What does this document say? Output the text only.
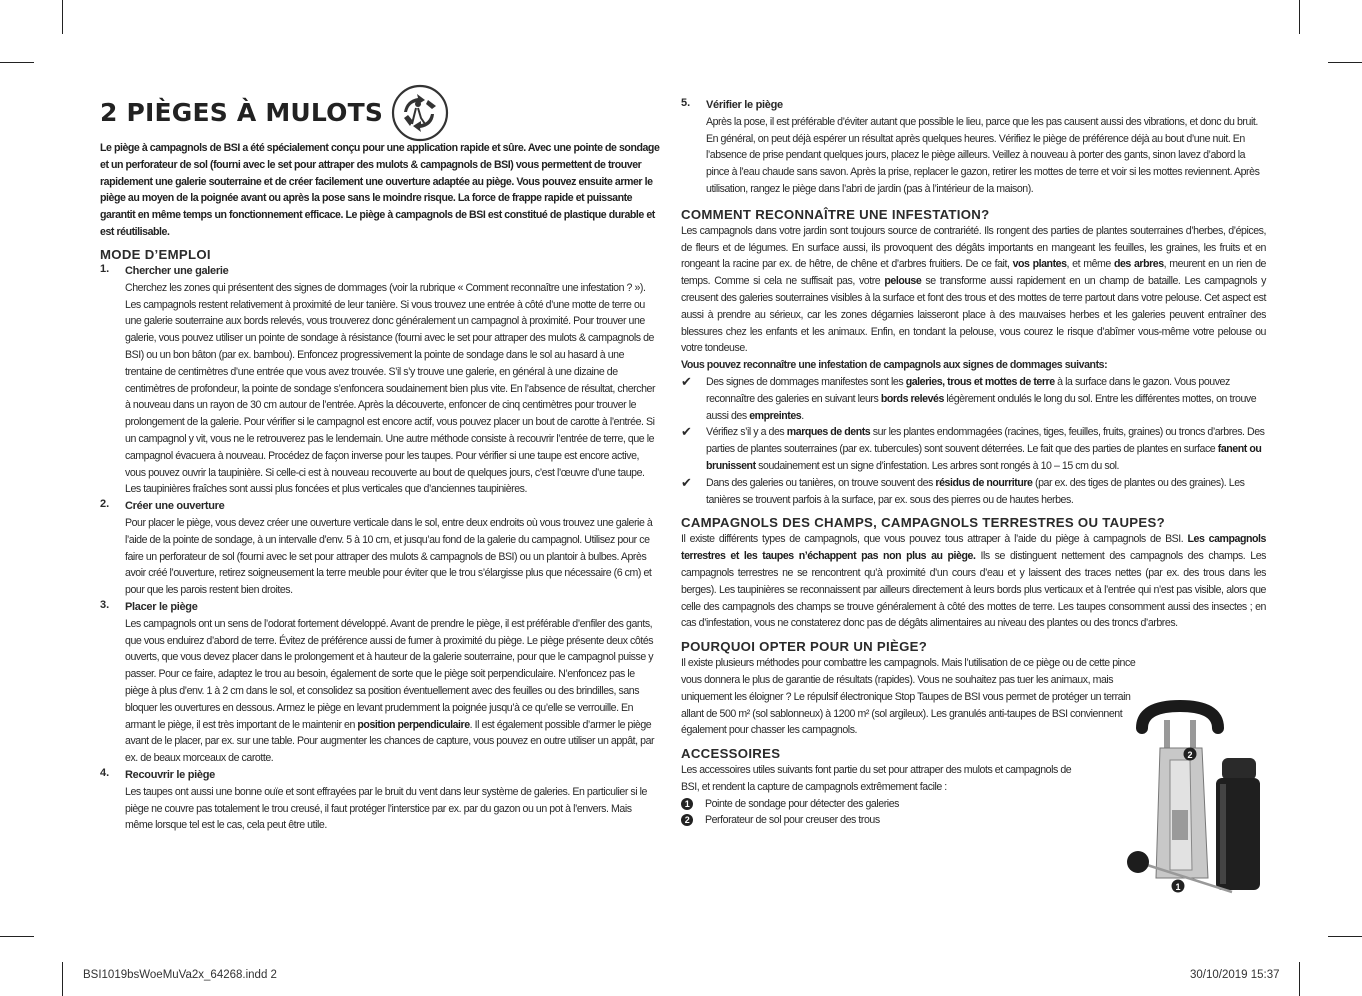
2 PIÈGES À MULOTS
Le piège à campagnols de BSI a été spécialement conçu pour une application rapide et sûre. Avec une pointe de sondage et un perforateur de sol (fourni avec le set pour attraper des mulots & campagnols de BSI) vous permettent de trouver rapidement une galerie souterraine et de créer facilement une ouverture adaptée au piège. Vous pouvez ensuite armer le piège au moyen de la poignée avant ou après la pose sans le moindre risque. La force de frappe rapide et puissante garantit en même temps un fonctionnement efficace. Le piège à campagnols de BSI est constitué de plastique durable et est réutilisable.
MODE D’EMPLOI
1. Chercher une galerie
Cherchez les zones qui présentent des signes de dommages (voir la rubrique « Comment reconnaître une infestation ? »). Les campagnols restent relativement à proximité de leur tanière. Si vous trouvez une entrée à côté d’une motte de terre ou une galerie souterraine aux bords relevés, vous trouverez donc généralement un campagnol à proximité. Pour trouver une galerie, vous pouvez utiliser un pointe de sondage à résistance (fourni avec le set pour attraper des mulots & campagnols de BSI) ou un bon bâton (par ex. bambou). Enfoncez progressivement la pointe de sondage dans le sol au hasard à une trentaine de centimètres d’une entrée que vous avez trouvée. S’il s’y trouve une galerie, en général à une dizaine de centimètres de profondeur, la pointe de sondage s’enfoncera soudainement bien plus vite. En l’absence de résultat, chercher à nouveau dans un rayon de 30 cm autour de l’entrée. Après la découverte, enfoncer de cinq centimètres pour trouver le prolongement de la galerie. Pour vérifier si le campagnol est encore actif, vous pouvez placer un bout de carotte à l’entrée. Si un campagnol y vit, vous ne le retrouverez pas le lendemain. Une autre méthode consiste à recouvrir l’entrée de terre, que le campagnol évacuera à nouveau. Procédez de façon inverse pour les taupes. Pour vérifier si une taupe est encore active, vous pouvez ouvrir la taupinière. Si celle-ci est à nouveau recouverte au bout de quelques jours, c’est l’œuvre d’une taupe. Les taupinières fraîches sont aussi plus foncées et plus verticales que d’anciennes taupinières.
2. Créer une ouverture
Pour placer le piège, vous devez créer une ouverture verticale dans le sol, entre deux endroits où vous trouvez une galerie à l’aide de la pointe de sondage, à un intervalle d’env. 5 à 10 cm, et jusqu’au fond de la galerie du campagnol. Utilisez pour ce faire un perforateur de sol (fourni avec le set pour attraper des mulots & campagnols de BSI) ou un plantoir à bulbes. Après avoir créé l’ouverture, retirez soigneusement la terre meuble pour éviter que le trou s’élargisse plus que nécessaire (6 cm) et pour que les parois restent bien droites.
3. Placer le piège
Les campagnols ont un sens de l’odorat fortement développé. Avant de prendre le piège, il est préférable d’enfiler des gants, que vous enduirez d’abord de terre. Évitez de préférence aussi de fumer à proximité du piège. Le piège présente deux côtés ouverts, que vous devez placer dans le prolongement et à hauteur de la galerie souterraine, pour que le campagnol puisse y passer. Pour ce faire, adaptez le trou au besoin, également de sorte que le piège soit perpendiculaire. N’enfoncez pas le piège à plus d’env. 1 à 2 cm dans le sol, et consolidez sa position éventuellement avec des feuilles ou des brindilles, sans bloquer les ouvertures en dessous. Armez le piège en levant prudemment la poignée jusqu’à ce qu’elle se verrouille. En armant le piège, il est très important de le maintenir en position perpendiculaire. Il est également possible d’armer le piège avant de le placer, par ex. sur une table. Pour augmenter les chances de capture, vous pouvez en outre utiliser un appât, par ex. de beaux morceaux de carotte.
4. Recouvrir le piège
Les taupes ont aussi une bonne ouïe et sont effrayées par le bruit du vent dans leur système de galeries. En particulier si le piège ne couvre pas totalement le trou creusé, il faut protéger l’interstice par ex. par du gazon ou un pot à l’envers. Mais même lorsque tel est le cas, cela peut être utile.
5. Vérifier le piège
Après la pose, il est préférable d’éviter autant que possible le lieu, parce que les pas causent aussi des vibrations, et donc du bruit. En général, on peut déjà espérer un résultat après quelques heures. Vérifiez le piège de préférence déjà au bout d’une nuit. En l’absence de prise pendant quelques jours, placez le piège ailleurs. Veillez à nouveau à porter des gants, sinon lavez d’abord la pince à l’eau chaude sans savon. Après la prise, replacer le gazon, retirer les mottes de terre et voir si les mottes reviennent. Après utilisation, rangez le piège dans l’abri de jardin (pas à l’intérieur de la maison).
COMMENT RECONNAÎTRE UNE INFESTATION?
Les campagnols dans votre jardin sont toujours source de contrariété. Ils rongent des parties de plantes souterraines d’herbes, d’épices, de fleurs et de légumes. En surface aussi, ils provoquent des dégâts importants en mangeant les feuilles, les graines, les fruits et en rongeant la racine par ex. de hêtre, de chêne et d’arbres fruitiers. De ce fait, vos plantes, et même des arbres, meurent en un rien de temps. Comme si cela ne suffisait pas, votre pelouse se transforme aussi rapidement en un champ de bataille. Les campagnols y creusent des galeries souterraines visibles à la surface et font des trous et des mottes de terre partout dans votre pelouse. Cet aspect est aussi à prendre au sérieux, car les zones dégarnies laisseront place à des mauvaises herbes et les galeries peuvent entraîner des blessures chez les enfants et les animaux. Enfin, en tondant la pelouse, vous courez le risque d’abîmer vous-même votre pelouse ou votre tondeuse.
Vous pouvez reconnaître une infestation de campagnols aux signes de dommages suivants:
✔ Des signes de dommages manifestes sont les galeries, trous et mottes de terre à la surface dans le gazon. Vous pouvez reconnaître des galeries en suivant leurs bords relevés légèrement ondulés le long du sol. Entre les différentes mottes, on trouve aussi des empreintes.
✔ Vérifiez s’il y a des marques de dents sur les plantes endommagées (racines, tiges, feuilles, fruits, graines) ou troncs d’arbres. Des parties de plantes souterraines (par ex. tubercules) sont souvent déterrées. Le fait que des parties de plantes en surface fanent ou brunissent soudainement est un signe d’infestation. Les arbres sont rongés à 10 – 15 cm du sol.
✔ Dans des galeries ou tanières, on trouve souvent des résidus de nourriture (par ex. des tiges de plantes ou des graines). Les tanières se trouvent parfois à la surface, par ex. sous des pierres ou de hautes herbes.
CAMPAGNOLS DES CHAMPS, CAMPAGNOLS TERRESTRES OU TAUPES?
Il existe différents types de campagnols, que vous pouvez tous attraper à l’aide du piège à campagnols de BSI. Les campagnols terrestres et les taupes n’échappent pas non plus au piège. Ils se distinguent nettement des campagnols des champs. Les campagnols terrestres ne se rencontrent qu’à proximité d’un cours d’eau et y laissent des traces nettes (par ex. des trous dans les berges). Les taupinières se reconnaissent par ailleurs directement à leurs bords plus verticaux et à l’entrée qui n’est pas visible, alors que celle des campagnols des champs se trouve généralement à côté des mottes de terre. Les taupes consomment aussi des insectes ; en cas d’infestation, vous ne constaterez donc pas de dégâts alimentaires au niveau des plantes ou des troncs d’arbres.
POURQUOI OPTER POUR UN PIÈGE?
Il existe plusieurs méthodes pour combattre les campagnols. Mais l’utilisation de ce piège ou de cette pince vous donnera le plus de garantie de résultats (rapides). Vous ne souhaitez pas tuer les animaux, mais uniquement les éloigner ? Le répulsif électronique Stop Taupes de BSI vous permet de protéger un terrain allant de 500 m² (sol sablonneux) à 1200 m² (sol argileux). Les granulés anti-taupes de BSI conviennent également pour chasser les campagnols.
ACCESSOIRES
Les accessoires utiles suivants font partie du set pour attraper des mulots et campagnols de BSI, et rendent la capture de campagnols extrêmement facile :
1 Pointe de sondage pour détecter des galeries
2 Perforateur de sol pour creuser des trous
2
1
BSI1019bsWoeMuVa2x_64268.indd 2	30/10/2019 15:37
